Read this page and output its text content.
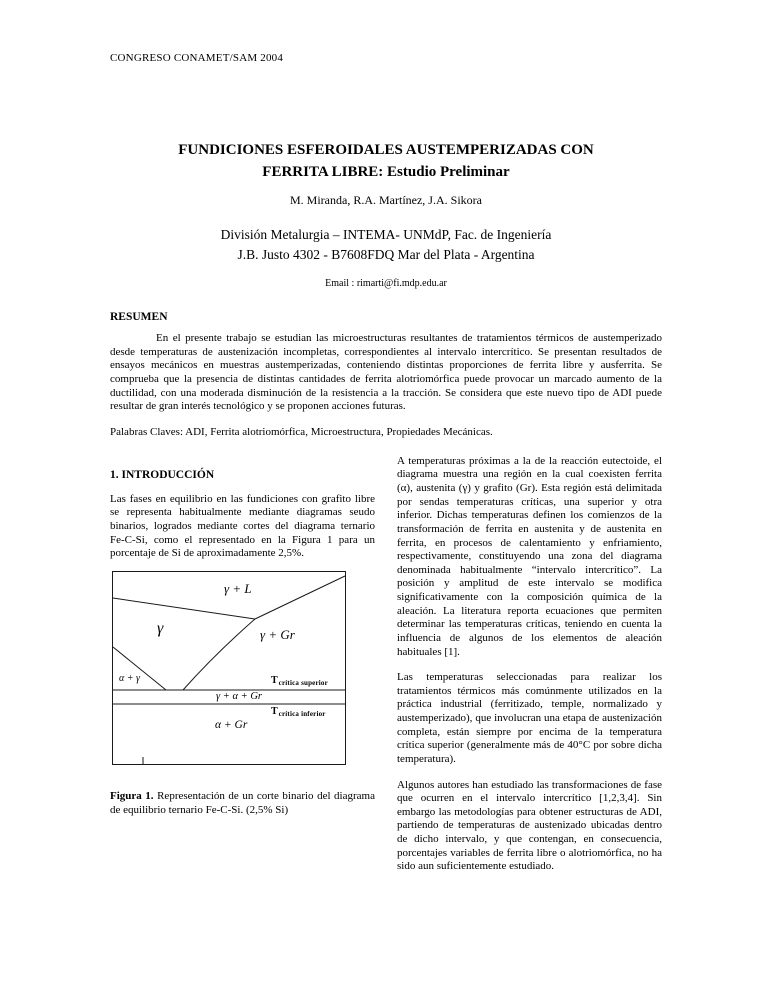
CONGRESO CONAMET/SAM 2004
FUNDICIONES ESFEROIDALES AUSTEMPERIZADAS CON
FERRITA LIBRE: Estudio Preliminar
M. Miranda, R.A. Martínez, J.A. Sikora
División Metalurgia – INTEMA- UNMdP, Fac. de Ingeniería
J.B. Justo 4302 - B7608FDQ Mar del Plata - Argentina
Email : rimarti@fi.mdp.edu.ar
RESUMEN

En el presente trabajo se estudian las microestructuras resultantes de tratamientos térmicos de austemperizado desde temperaturas de austenización incompletas, correspondientes al intervalo intercrítico. Se presentan resultados de ensayos mecánicos en muestras austemperizadas, conteniendo distintas proporciones de ferrita libre y ausferrita. Se comprueba que la presencia de distintas cantidades de ferrita alotriomórfica puede provocar un marcado aumento de la ductilidad, con una moderada disminución de la resistencia a la tracción. Se considera que este nuevo tipo de ADI puede resultar de gran interés tecnológico y se proponen acciones futuras.

Palabras Claves: ADI, Ferrita alotriomórfica, Microestructura, Propiedades Mecánicas.

1. INTRODUCCIÓN

Las fases en equilibrio en las fundiciones con grafito libre se representa habitualmente mediante diagramas seudo binarios, logrados mediante cortes del diagrama ternario Fe-C-Si, como el representado en la Figura 1 para un porcentaje de Si de aproximadamente 2,5%.

γ + L
γ	γ + Gr
α + γ	$T_{crítica superior}$
γ + α + Gr
$T_{crítica inferior}$
α + Gr

Figura 1. Representación de un corte binario del diagrama de equilibrio ternario Fe-C-Si. (2,5% Si)

A temperaturas próximas a la de la reacción eutectoide, el diagrama muestra una región en la cual coexisten ferrita (α), austenita (γ) y grafito (Gr). Esta región está delimitada por sendas temperaturas críticas, una superior y otra inferior. Dichas temperaturas definen los comienzos de la transformación de ferrita en austenita y de austenita en ferrita, en procesos de calentamiento y enfriamiento, respectivamente, constituyendo una zona del diagrama denominada habitualmente “intervalo intercrítico”. La posición y amplitud de este intervalo se modifica significativamente con la composición química de la aleación. La literatura reporta ecuaciones que permiten determinar las temperaturas críticas, teniendo en cuenta la influencia de algunos de los elementos de aleación habituales [1].

Las temperaturas seleccionadas para realizar los tratamientos térmicos más comúnmente utilizados en la práctica industrial (ferritizado, temple, normalizado y austemperizado), que involucran una etapa de austenización completa, están siempre por encima de la temperatura crítica superior (generalmente más de 40°C por sobre dicha temperatura).

Algunos autores han estudiado las transformaciones de fase que ocurren en el intervalo intercrítico [1,2,3,4]. Sin embargo las metodologías para obtener estructuras de ADI, partiendo de temperaturas de austenizado ubicadas dentro de dicho intervalo, y que contengan, en consecuencia, porcentajes variables de ferrita libre o alotriomórfica, no ha sido aun suficientemente estudiado.
